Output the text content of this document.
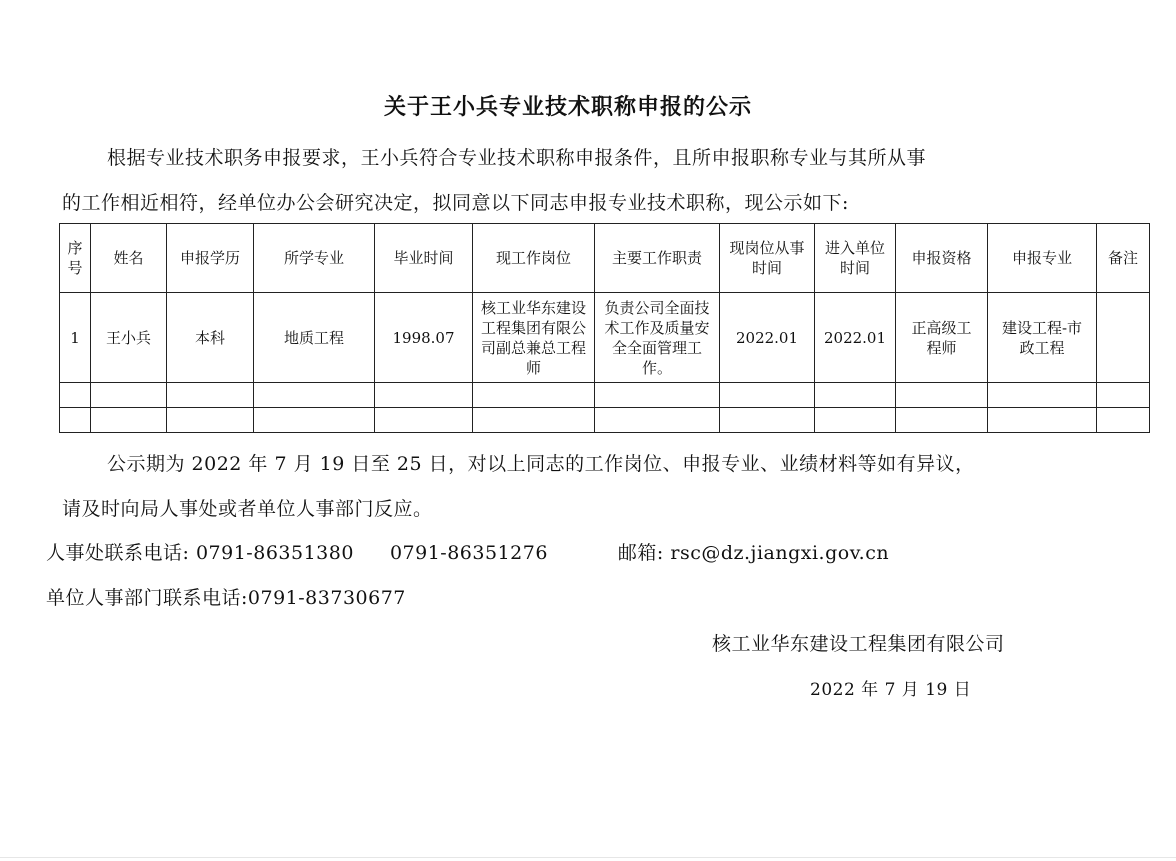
关于王小兵专业技术职称申报的公示
根据专业技术职务申报要求，王小兵符合专业技术职称申报条件，且所申报职称专业与其所从事
的工作相近相符，经单位办公会研究决定，拟同意以下同志申报专业技术职称，现公示如下:
序号	姓名	申报学历	所学专业	毕业时间	现工作岗位	主要工作职责	现岗位从事时间	进入单位时间	申报资格	申报专业	备注
1	王小兵	本科	地质工程	1998.07	核工业华东建设工程集团有限公司副总兼总工程师	负责公司全面技术工作及质量安全全面管理工作。	2022.01	2022.01	正高级工程师	建设工程-市政工程	

公示期为 2022 年 7 月 19 日至 25 日，对以上同志的工作岗位、申报专业、业绩材料等如有异议，
请及时向局人事处或者单位人事部门反应。
人事处联系电话: 0791-86351380 0791-86351276	邮箱: rsc@dz.jiangxi.gov.cn
单位人事部门联系电话:0791-83730677
核工业华东建设工程集团有限公司
2022 年 7 月 19 日
